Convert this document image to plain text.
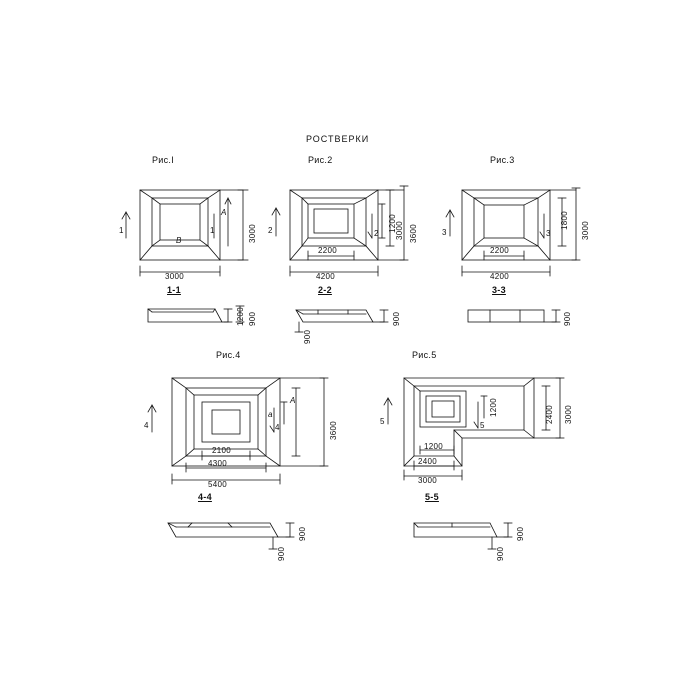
РОСТВЕРКИ
Рис.I
1	1
3000
3000
A
B
1-1
1200 900
Рис.2
2	2
4200
2200
1200
3000 3600
2-2
900
900
Рис.3
3	3
4200
2200
1800
3000
3-3
900
Рис.4
4	4
5400
4300
2100
3600
A
a
4-4
900
900
Рис.5
5	5
3000
2400
1200
1200	2400 3000
5-5
900
900
